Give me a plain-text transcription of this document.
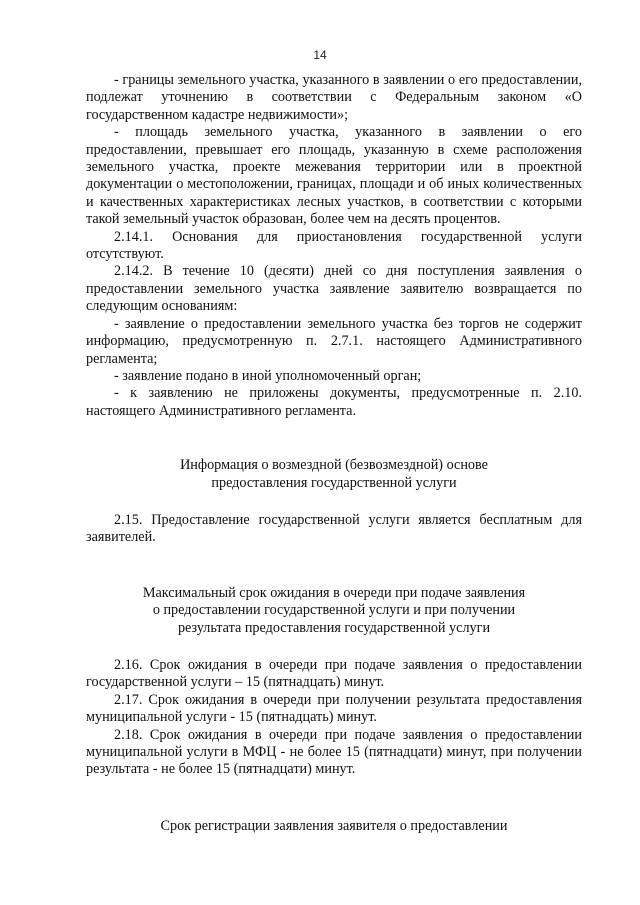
14

- границы земельного участка, указанного в заявлении о его предоставлении, подлежат уточнению в соответствии с Федеральным законом «О государственном кадастре недвижимости»;

- площадь земельного участка, указанного в заявлении о его предоставлении, превышает его площадь, указанную в схеме расположения земельного участка, проекте межевания территории или в проектной документации о местоположении, границах, площади и об иных количественных и качественных характеристиках лесных участков, в соответствии с которыми такой земельный участок образован, более чем на десять процентов.

2.14.1. Основания для приостановления государственной услуги отсутствуют.

2.14.2. В течение 10 (десяти) дней со дня поступления заявления о предоставлении земельного участка заявление заявителю возвращается по следующим основаниям:

- заявление о предоставлении земельного участка без торгов не содержит информацию, предусмотренную п. 2.7.1. настоящего Административного регламента;

- заявление подано в иной уполномоченный орган;

- к заявлению не приложены документы, предусмотренные п. 2.10. настоящего Административного регламента.

Информация о возмездной (безвозмездной) основе
предоставления государственной услуги

2.15. Предоставление государственной услуги является бесплатным для заявителей.

Максимальный срок ожидания в очереди при подаче заявления
о предоставлении государственной услуги и при получении
результата предоставления государственной услуги

2.16. Срок ожидания в очереди при подаче заявления о предоставлении государственной услуги – 15 (пятнадцать) минут.

2.17. Срок ожидания в очереди при получении результата предоставления муниципальной услуги - 15 (пятнадцать) минут.

2.18. Срок ожидания в очереди при подаче заявления о предоставлении муниципальной услуги в МФЦ - не более 15 (пятнадцати) минут, при получении результата - не более 15 (пятнадцати) минут.

Срок регистрации заявления заявителя о предоставлении
